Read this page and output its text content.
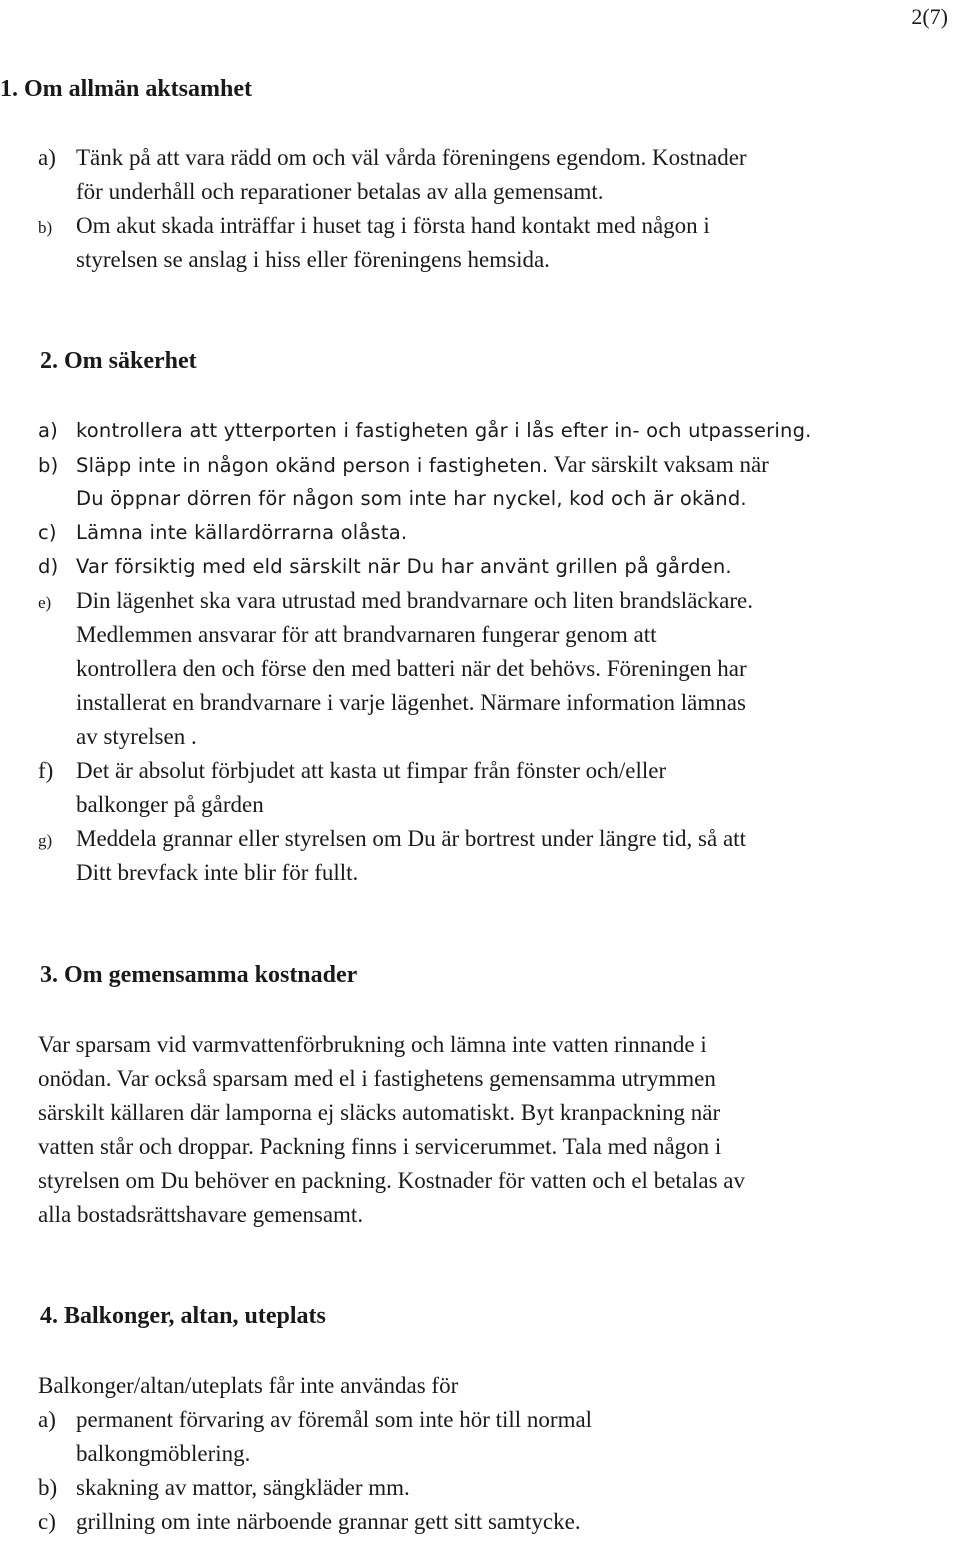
2(7)
1. Om allmän aktsamhet
a) Tänk på att vara rädd om och väl vårda föreningens egendom. Kostnader
för underhåll och reparationer betalas av alla gemensamt.
b) Om akut skada inträffar i huset tag i första hand kontakt med någon i
styrelsen se anslag i hiss eller föreningens hemsida.
2. Om säkerhet
a) kontrollera att ytterporten i fastigheten går i lås efter in- och utpassering.
b) Släpp inte in någon okänd person i fastigheten. Var särskilt vaksam när
Du öppnar dörren för någon som inte har nyckel, kod och är okänd.
c) Lämna inte källardörrarna olåsta.
d) Var försiktig med eld särskilt när Du har använt grillen på gården.
e) Din lägenhet ska vara utrustad med brandvarnare och liten brandsläckare.
Medlemmen ansvarar för att brandvarnaren fungerar genom att
kontrollera den och förse den med batteri när det behövs. Föreningen har
installerat en brandvarnare i varje lägenhet. Närmare information lämnas
av styrelsen .
f) Det är absolut förbjudet att kasta ut fimpar från fönster och/eller
balkonger på gården
g) Meddela grannar eller styrelsen om Du är bortrest under längre tid, så att
Ditt brevfack inte blir för fullt.
3. Om gemensamma kostnader
Var sparsam vid varmvattenförbrukning och lämna inte vatten rinnande i
onödan. Var också sparsam med el i fastighetens gemensamma utrymmen
särskilt källaren där lamporna ej släcks automatiskt. Byt kranpackning när
vatten står och droppar. Packning finns i servicerummet. Tala med någon i
styrelsen om Du behöver en packning. Kostnader för vatten och el betalas av
alla bostadsrättshavare gemensamt.
4. Balkonger, altan, uteplats
Balkonger/altan/uteplats får inte användas för
a) permanent förvaring av föremål som inte hör till normal
balkongmöblering.
b) skakning av mattor, sängkläder mm.
c) grillning om inte närboende grannar gett sitt samtycke.
